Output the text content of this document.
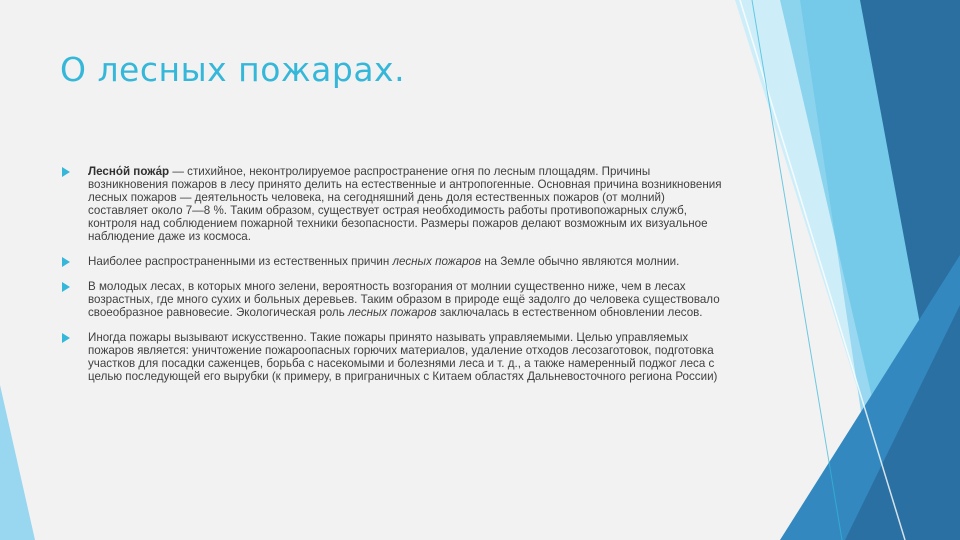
О лесных пожарах.
Лесно́й пожа́р — стихийное, неконтролируемое распространение огня по лесным площадям. Причины возникновения пожаров в лесу принято делить на естественные и антропогенные. Основная причина возникновения лесных пожаров — деятельность человека, на сегодняшний день доля естественных пожаров (от молний) составляет около 7—8 %. Таким образом, существует острая необходимость работы противопожарных служб, контроля над соблюдением пожарной техники безопасности. Размеры пожаров делают возможным их визуальное наблюдение даже из космоса.
Наиболее распространенными из естественных причин лесных пожаров на Земле обычно являются молнии.
В молодых лесах, в которых много зелени, вероятность возгорания от молнии существенно ниже, чем в лесах возрастных, где много сухих и больных деревьев. Таким образом в природе ещё задолго до человека существовало своеобразное равновесие. Экологическая роль лесных пожаров заключалась в естественном обновлении лесов.
Иногда пожары вызывают искусственно. Такие пожары принято называть управляемыми. Целью управляемых пожаров является: уничтожение пожароопасных горючих материалов, удаление отходов лесозаготовок, подготовка участков для посадки саженцев, борьба с насекомыми и болезнями леса и т. д., а также намеренный поджог леса с целью последующей его вырубки (к примеру, в приграничных с Китаем областях Дальневосточного региона России)
